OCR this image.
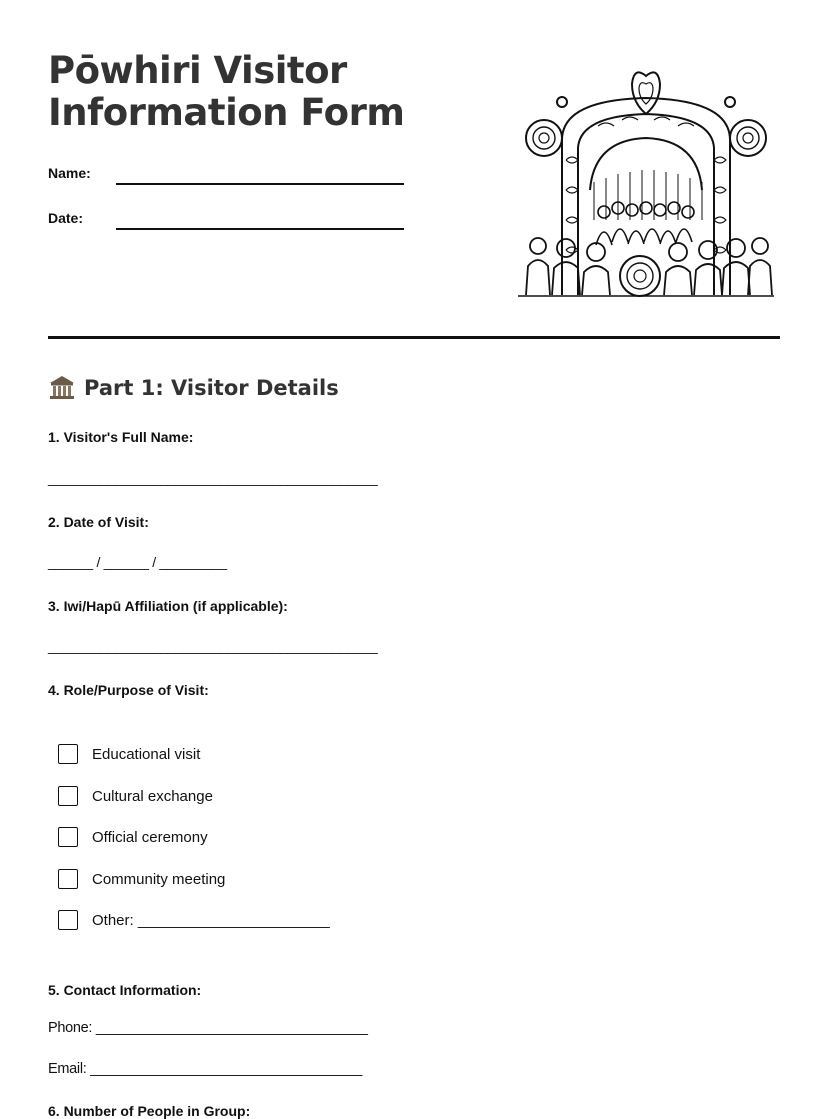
Pōwhiri Visitor Information Form
Name:
Date:
Part 1: Visitor Details
1. Visitor's Full Name:
____________________________________________
2. Date of Visit:
______ / ______ / _________
3. Iwi/Hapū Affiliation (if applicable):
____________________________________________
4. Role/Purpose of Visit:
Educational visit
Cultural exchange
Official ceremony
Community meeting
Other: _______________________
5. Contact Information:
Phone: ___________________________________
Email: ___________________________________
6. Number of People in Group:
